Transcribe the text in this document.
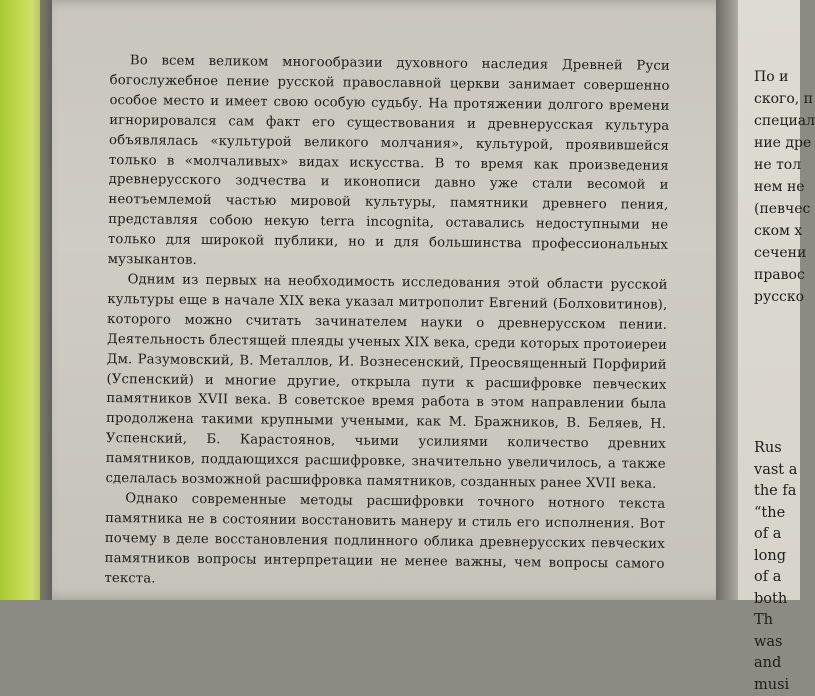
Во всем великом многообразии духовного наследия Древней Руси богослужебное пение русской православной церкви занимает совершенно особое место и имеет свою особую судьбу. На протяжении долгого времени игнорировался сам факт его существования и древнерусская культура объявлялась «культурой великого молчания», культурой, проявившейся только в «молчаливых» видах искусства. В то время как произведения древнерусского зодчества и иконописи давно уже стали весомой и неотъемлемой частью мировой культуры, памятники древнего пения, представляя собою некую terra incognita, оставались недоступными не только для широкой публики, но и для большинства профессиональных музыкантов.

Одним из первых на необходимость исследования этой области русской культуры еще в начале XIX века указал митрополит Евгений (Болховитинов), которого можно считать зачинателем науки о древнерусском пении. Деятельность блестящей плеяды ученых XIX века, среди которых протоиереи Дм. Разумовский, В. Металлов, И. Вознесенский, Преосвященный Порфирий (Успенский) и многие другие, открыла пути к расшифровке певческих памятников XVII века. В советское время работа в этом направлении была продолжена такими крупными учеными, как М. Бражников, В. Беляев, Н. Успенский, Б. Карастоянов, чьими усилиями количество древних памятников, поддающихся расшифровке, значительно увеличилось, а также сделалась возможной расшифровка памятников, созданных ранее XVII века.

Однако современные методы расшифровки точного нотного текста памятника не в состоянии восстановить манеру и стиль его исполнения. Вот почему в деле восстановления подлинного облика древнерусских певческих памятников вопросы интерпретации не менее важны, чем вопросы самого текста.

По и
ского, п
специал
ние дре
не тол
нем не
(певчес
ском х
сечени
правос
русско
Rus
vast a
the fa
“the
of a
long
of a
both
Th
was
and
musi
